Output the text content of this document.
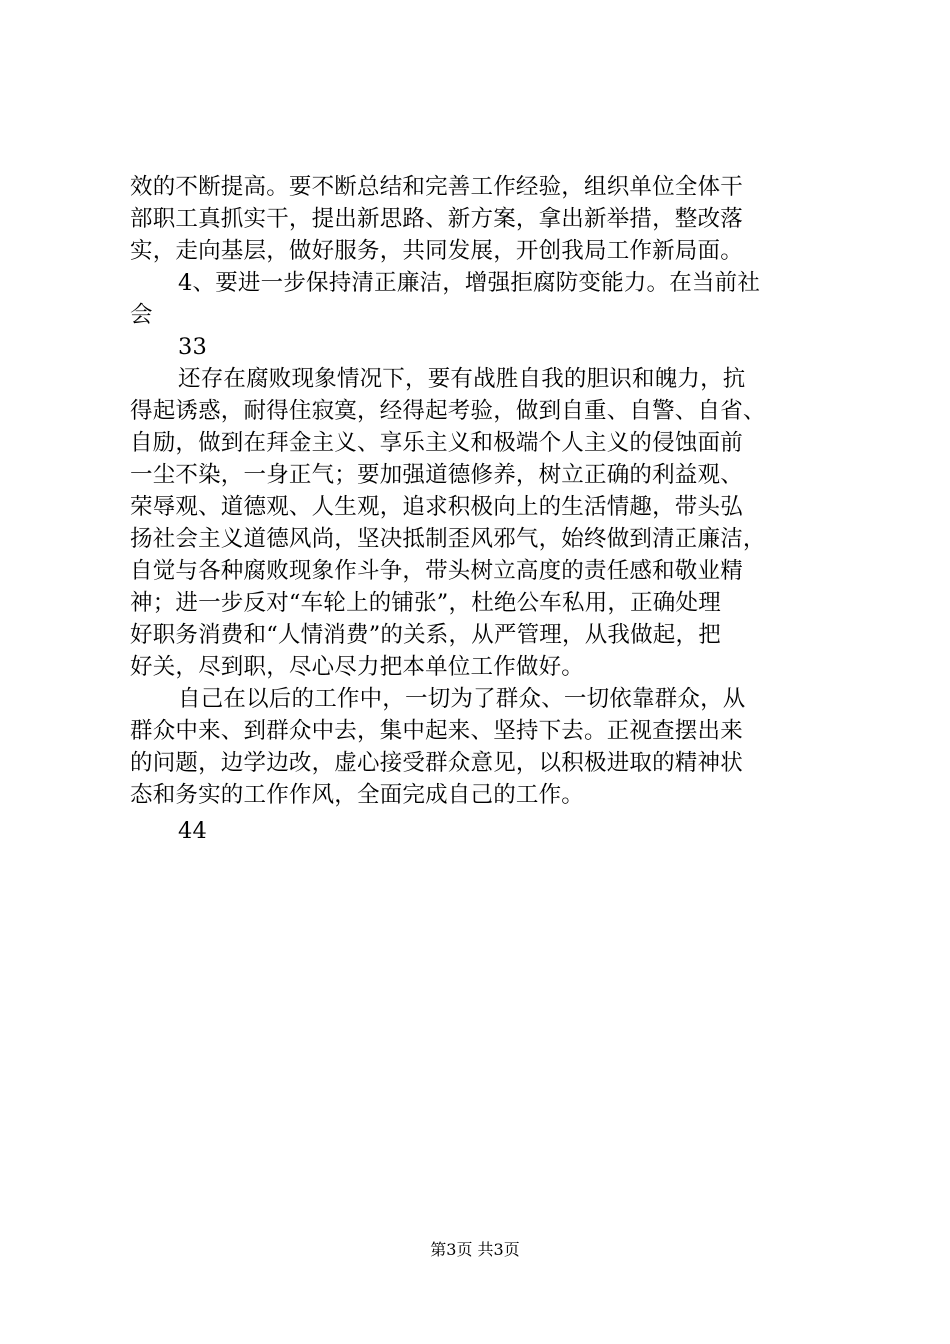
效的不断提高。要不断总结和完善工作经验，组织单位全体干
部职工真抓实干，提出新思路、新方案，拿出新举措，整改落
实，走向基层，做好服务，共同发展，开创我局工作新局面。
4、要进一步保持清正廉洁，增强拒腐防变能力。在当前社
会
33
还存在腐败现象情况下，要有战胜自我的胆识和魄力，抗
得起诱惑，耐得住寂寞，经得起考验，做到自重、自警、自省、
自励，做到在拜金主义、享乐主义和极端个人主义的侵蚀面前
一尘不染，一身正气；要加强道德修养，树立正确的利益观、
荣辱观、道德观、人生观，追求积极向上的生活情趣，带头弘
扬社会主义道德风尚，坚决抵制歪风邪气，始终做到清正廉洁，
自觉与各种腐败现象作斗争，带头树立高度的责任感和敬业精
神；进一步反对“车轮上的铺张”，杜绝公车私用，正确处理
好职务消费和“人情消费”的关系，从严管理，从我做起，把
好关，尽到职，尽心尽力把本单位工作做好。
自己在以后的工作中，一切为了群众、一切依靠群众，从
群众中来、到群众中去，集中起来、坚持下去。正视查摆出来
的问题，边学边改，虚心接受群众意见，以积极进取的精神状
态和务实的工作作风，全面完成自己的工作。
44
第3页 共3页
